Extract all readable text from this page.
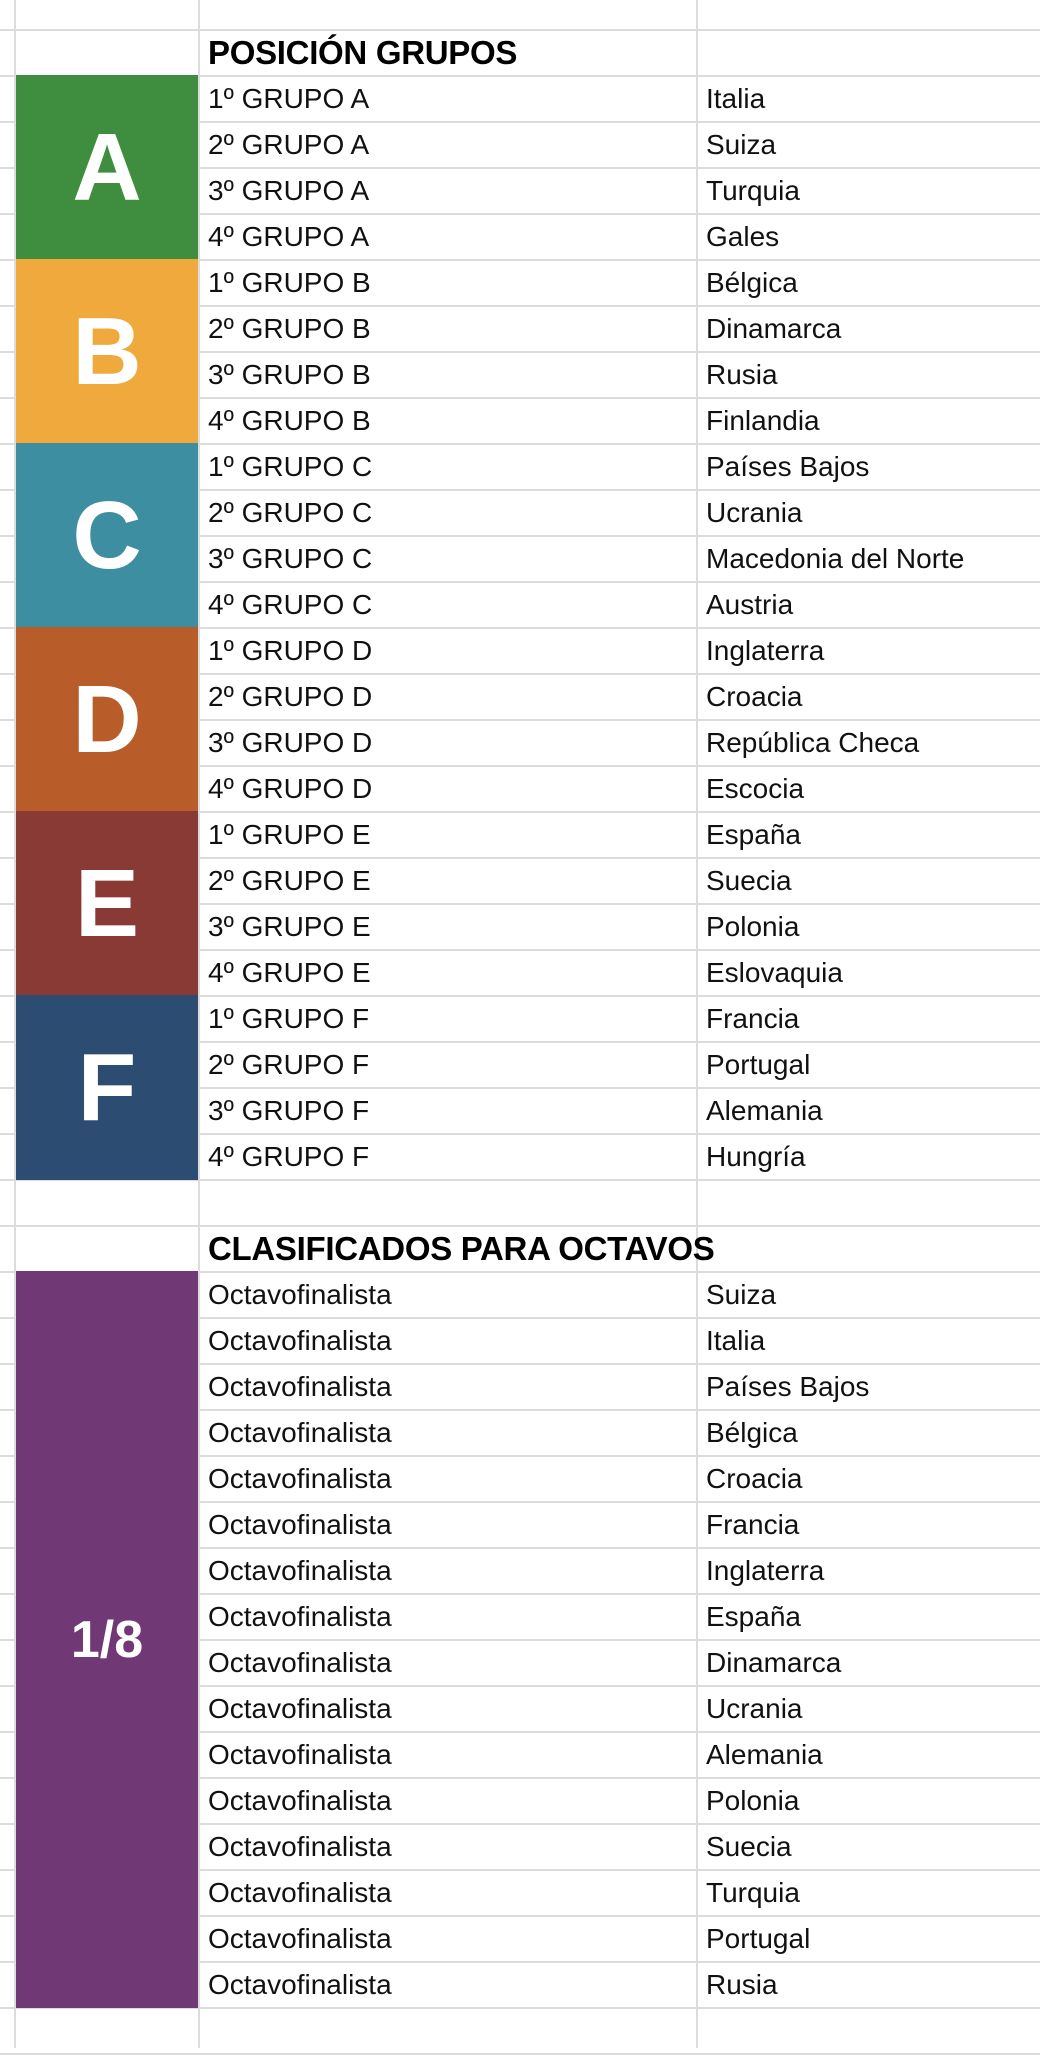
POSICIÓN GRUPOS
A
1º GRUPO A	Italia
2º GRUPO A	Suiza
3º GRUPO A	Turquia
4º GRUPO A	Gales
B
1º GRUPO B	Bélgica
2º GRUPO B	Dinamarca
3º GRUPO B	Rusia
4º GRUPO B	Finlandia
C
1º GRUPO C	Países Bajos
2º GRUPO C	Ucrania
3º GRUPO C	Macedonia del Norte
4º GRUPO C	Austria
D
1º GRUPO D	Inglaterra
2º GRUPO D	Croacia
3º GRUPO D	República Checa
4º GRUPO D	Escocia
E
1º GRUPO E	España
2º GRUPO E	Suecia
3º GRUPO E	Polonia
4º GRUPO E	Eslovaquia
F
1º GRUPO F	Francia
2º GRUPO F	Portugal
3º GRUPO F	Alemania
4º GRUPO F	Hungría
CLASIFICADOS PARA OCTAVOS
1/8
Octavofinalista	Suiza
Octavofinalista	Italia
Octavofinalista	Países Bajos
Octavofinalista	Bélgica
Octavofinalista	Croacia
Octavofinalista	Francia
Octavofinalista	Inglaterra
Octavofinalista	España
Octavofinalista	Dinamarca
Octavofinalista	Ucrania
Octavofinalista	Alemania
Octavofinalista	Polonia
Octavofinalista	Suecia
Octavofinalista	Turquia
Octavofinalista	Portugal
Octavofinalista	Rusia
